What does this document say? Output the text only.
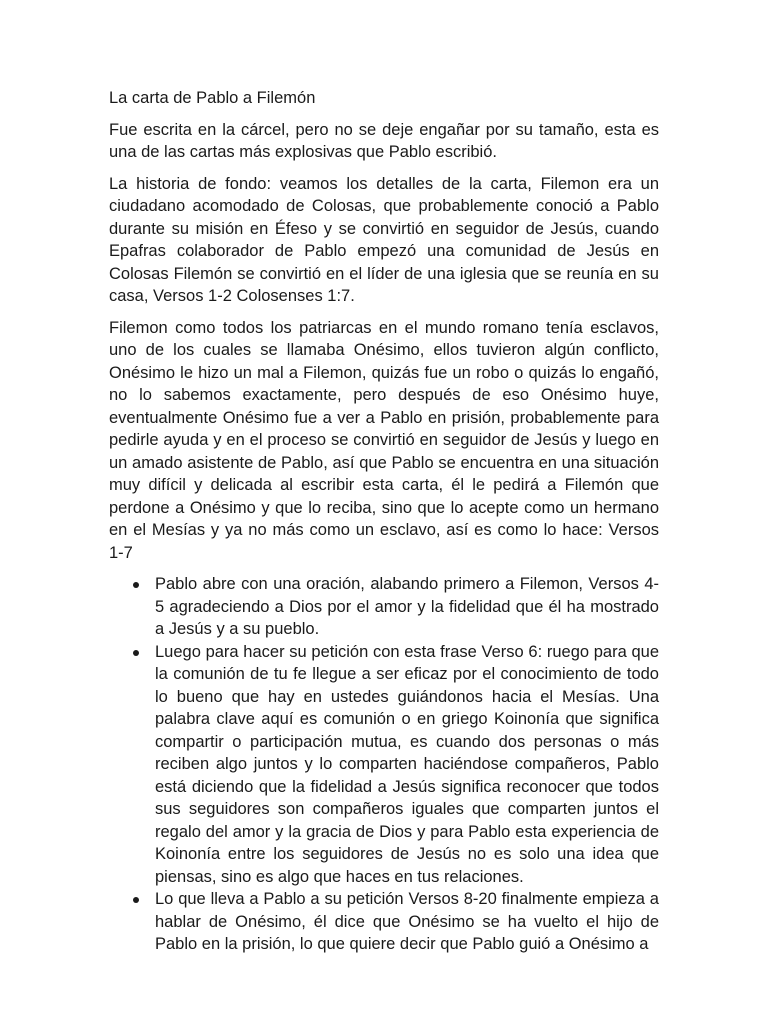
La carta de Pablo a Filemón

Fue escrita en la cárcel, pero no se deje engañar por su tamaño, esta es una de las cartas más explosivas que Pablo escribió.

La historia de fondo: veamos los detalles de la carta, Filemon era un ciudadano acomodado de Colosas, que probablemente conoció a Pablo durante su misión en Éfeso y se convirtió en seguidor de Jesús, cuando Epafras colaborador de Pablo empezó una comunidad de Jesús en Colosas Filemón se convirtió en el líder de una iglesia que se reunía en su casa, Versos 1-2 Colosenses 1:7.

Filemon como todos los patriarcas en el mundo romano tenía esclavos, uno de los cuales se llamaba Onésimo, ellos tuvieron algún conflicto, Onésimo le hizo un mal a Filemon, quizás fue un robo o quizás lo engañó, no lo sabemos exactamente, pero después de eso Onésimo huye, eventualmente Onésimo fue a ver a Pablo en prisión, probablemente para pedirle ayuda y en el proceso se convirtió en seguidor de Jesús y luego en un amado asistente de Pablo, así que Pablo se encuentra en una situación muy difícil y delicada al escribir esta carta, él le pedirá a Filemón que perdone a Onésimo y que lo reciba, sino que lo acepte como un hermano en el Mesías y ya no más como un esclavo, así es como lo hace: Versos 1-7

Pablo abre con una oración, alabando primero a Filemon, Versos 4-5 agradeciendo a Dios por el amor y la fidelidad que él ha mostrado a Jesús y a su pueblo.
Luego para hacer su petición con esta frase Verso 6: ruego para que la comunión de tu fe llegue a ser eficaz por el conocimiento de todo lo bueno que hay en ustedes guiándonos hacia el Mesías. Una palabra clave aquí es comunión o en griego Koinonía que significa compartir o participación mutua, es cuando dos personas o más reciben algo juntos y lo comparten haciéndose compañeros, Pablo está diciendo que la fidelidad a Jesús significa reconocer que todos sus seguidores son compañeros iguales que comparten juntos el regalo del amor y la gracia de Dios y para Pablo esta experiencia de Koinonía entre los seguidores de Jesús no es solo una idea que piensas, sino es algo que haces en tus relaciones.
Lo que lleva a Pablo a su petición Versos 8-20 finalmente empieza a hablar de Onésimo, él dice que Onésimo se ha vuelto el hijo de Pablo en la prisión, lo que quiere decir que Pablo guió a Onésimo a
